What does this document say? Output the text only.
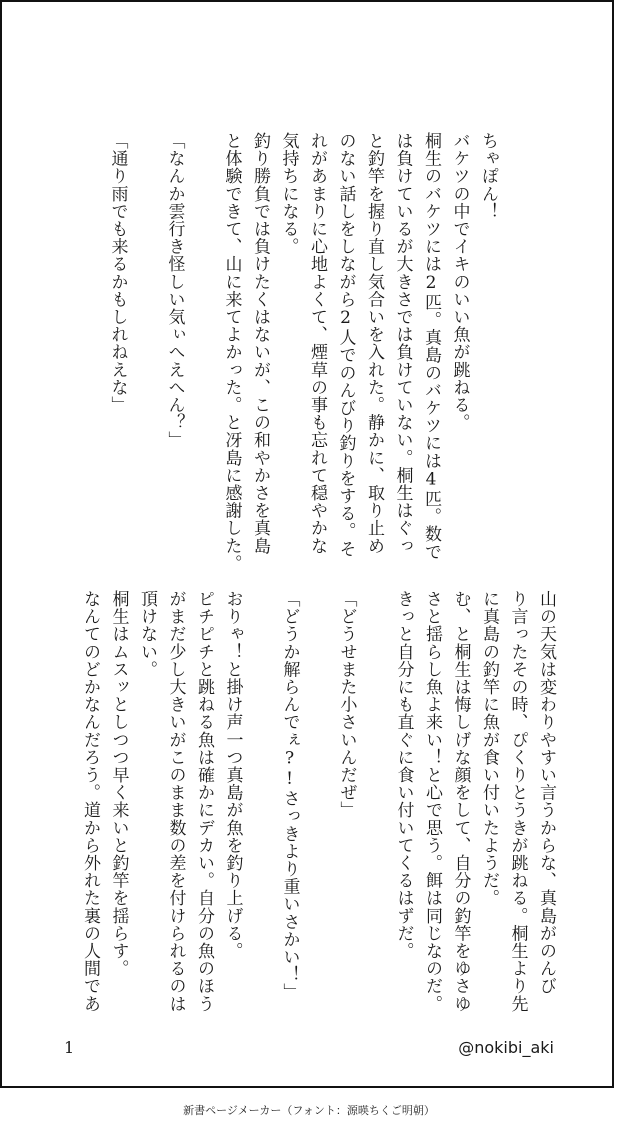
ちゃぽん！
バケツの中でイキのいい魚が跳ねる。
桐生のバケツには2匹。真島のバケツには4匹。数で
は負けているが大きさでは負けていない。桐生はぐっ
と釣竿を握り直し気合いを入れた。静かに、取り止め
のない話しをしながら2人でのんびり釣りをする。そ
れがあまりに心地よくて、煙草の事も忘れて穏やかな
気持ちになる。
釣り勝負では負けたくはないが、この和やかさを真島
と体験できて、山に来てよかった。と冴島に感謝した。

「なんか雲行き怪しい気ぃへえへん？」

「通り雨でも来るかもしれねえな」
山の天気は変わりやすい言うからな、真島がのんび
り言ったその時、ぴくりとうきが跳ねる。桐生より先
に真島の釣竿に魚が食い付いたようだ。
む、と桐生は悔しげな顔をして、自分の釣竿をゆさゆ
さと揺らし魚よ来い！と心で思う。餌は同じなのだ。
きっと自分にも直ぐに食い付いてくるはずだ。

「どうせまた小さいんだぜ」

「どうか解らんでぇ?!さっきより重いさかい！」

おりゃ！と掛け声一つ真島が魚を釣り上げる。
ピチピチと跳ねる魚は確かにデカい。自分の魚のほう
がまだ少し大きいがこのまま数の差を付けられるのは
頂けない。
桐生はムスッとしつつ早く来いと釣竿を揺らす。
なんてのどかなんだろう。道から外れた裏の人間であ
1	@nokibi_aki
新書ページメーカー（フォント：源暎ちくご明朝）
